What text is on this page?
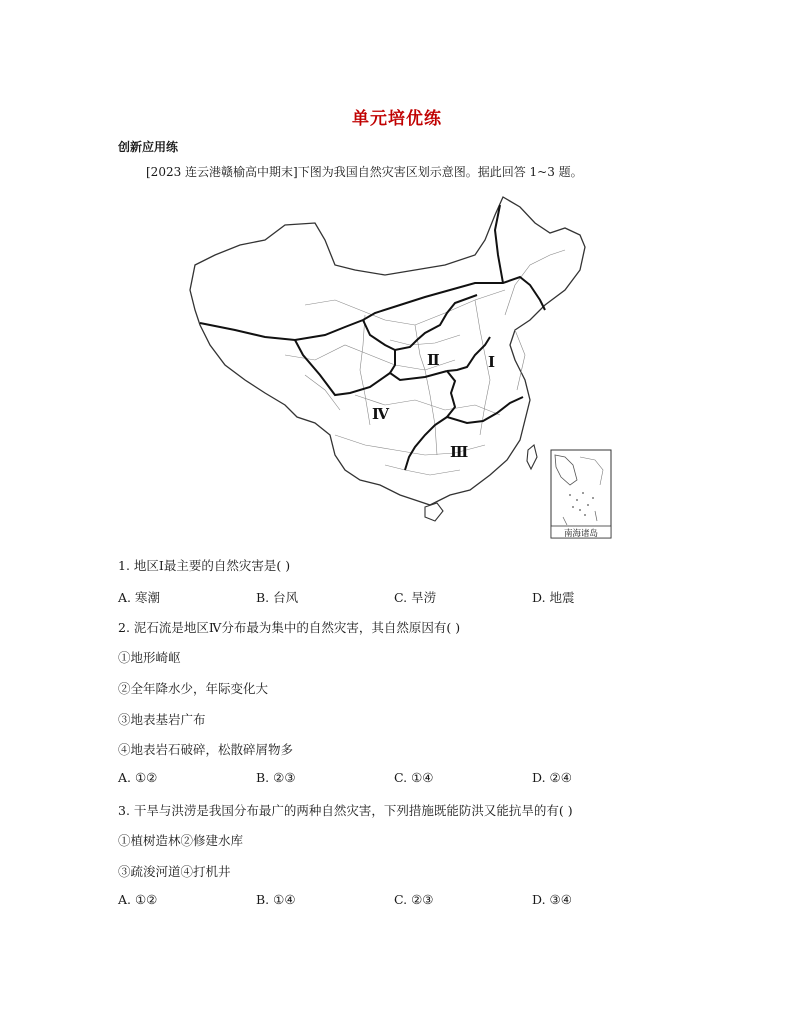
单元培优练
创新应用练
[2023 连云港赣榆高中期末]下图为我国自然灾害区划示意图。据此回答 1~3 题。
Ⅰ
Ⅱ
Ⅲ
Ⅳ
南海诸岛
1. 地区Ⅰ最主要的自然灾害是( )
A. 寒潮	B. 台风	C. 旱涝	D. 地震
2. 泥石流是地区Ⅳ分布最为集中的自然灾害，其自然原因有( )
①地形崎岖
②全年降水少，年际变化大
③地表基岩广布
④地表岩石破碎，松散碎屑物多
A. ①②	B. ②③	C. ①④	D. ②④
3. 干旱与洪涝是我国分布最广的两种自然灾害，下列措施既能防洪又能抗旱的有( )
①植树造林②修建水库
③疏浚河道④打机井
A. ①②	B. ①④	C. ②③	D. ③④
